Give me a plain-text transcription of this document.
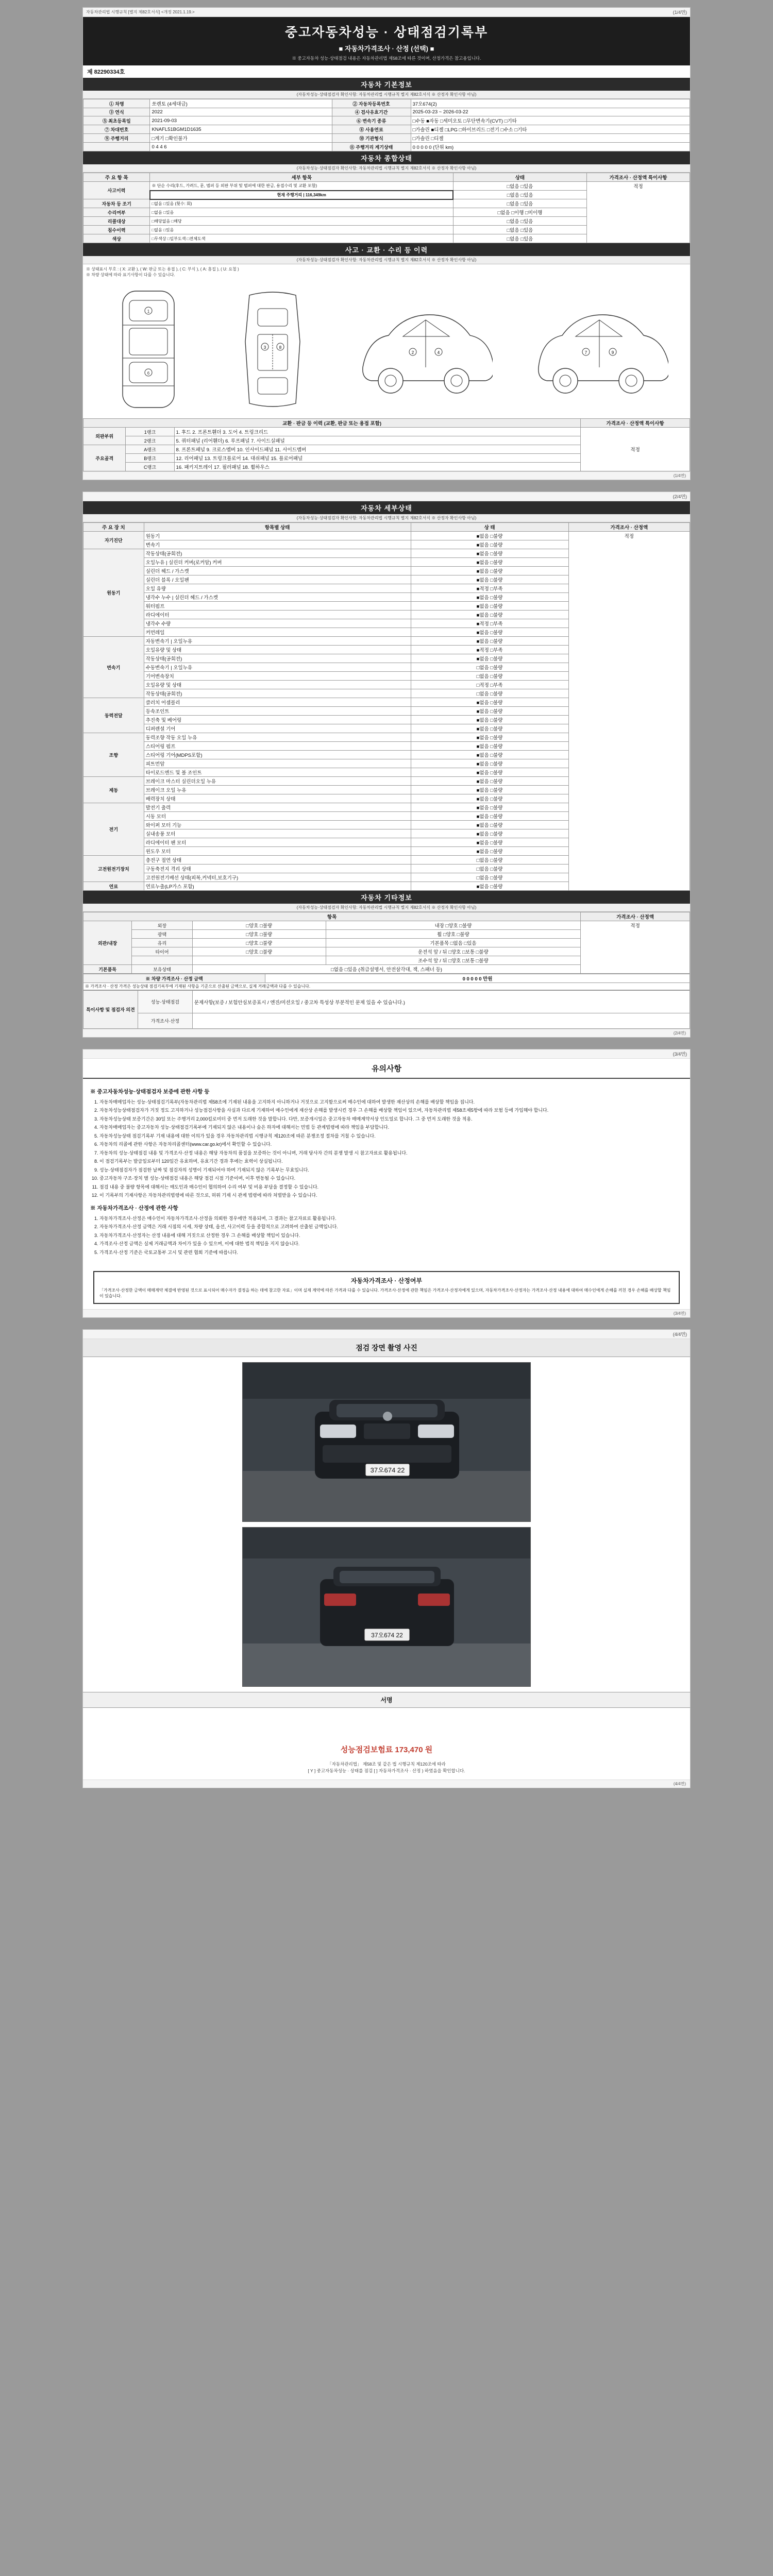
자동차관리법 시행규칙 [별지 제82호서식] <개정 2021.1.19.>	(1/4면)
중고자동차성능 · 상태점검기록부
■ 자동차가격조사 · 산정 (선택) ■
※ 중고자동차 성능·상태점검 내용은 자동차관리법 제58조에 따른 것이며, 산정가격은 참고용입니다.
제 82290334호
자동차 기본정보
(자동차성능·상태점검자 확인사항: 자동차관리법 시행규칙 별지 제82호서식 ※ 산정자 확인사항 아님)
① 차명	쏘렌토 (4세대급)	② 자동차등록번호	37오674(2)
③ 연식	2022	④ 검사유효기간	2025-03-23 ~ 2026-03-22
⑤ 최초등록일	2021-09-03	⑥ 변속기 종류	□수동 ■자동 □세미오토 □무단변속기(CVT) □기타
⑦ 차대번호	KNAFL51BGM1D1635	⑧ 사용연료	□가솔린 ■디젤 □LPG □하이브리드 □전기 □수소 □기타
⑨ 주행거리	□계기 □확인불가	⑩ 기관형식	□가솔린 □디젤
	0 4 4 6	⑪ 주행거리 계기상태	0 0 0 0 0 (단위 km)
자동차 종합상태
(자동차성능·상태점검자 확인사항: 자동차관리법 시행규칙 별지 제82호서식 ※ 산정자 확인사항 아님)
주 요 항 목	세부 항목	상태	가격조사 · 산정액 특이사항
사고이력	※ 단순 수리(후드, 가려드, 문, 범퍼 등 외판 부위 및 범퍼에 대한 판금, 용접수리 및 교환 포함)	□없음 □있음	적정
	현재 주행거리 | 116,349km	□없음 □있음	
자동차 등 조기	□없음 □있음 (횟수: 회)	□없음 □있음	
수리여부	□없음 □있음	□없음 □이행 □미이행	
리콜대상	□해당없음 □해당	□없음 □있음	
침수이력	□없음 □있음	□없음 □있음	
색상	□무색상 □일부도색 □전체도색	□없음 □있음	
사고 · 교환 · 수리 등 이력
(자동차성능·상태점검자 확인사항: 자동차관리법 시행규칙 별지 제82호서식 ※ 산정자 확인사항 아님)
※ 상태표시 부호 : ( X: 교환 ), ( W: 판금 또는 용접 ), ( C: 부식 ), ( A: 흠집 ), ( U: 요철 )
※ 차량 상태에 따라 표기사항이 다를 수 있습니다.
1
6
3	8
2	4	7	9
교환 · 판금 등 이력 (교환, 판금 또는 용접 포함)			가격조사 · 산정액 특이사항
외판부위	1랭크	1. 후드 2. 프론트휀더 3. 도어 4. 트렁크리드	적정
	2랭크	5. 쿼터패널 (리어휀더) 6. 루프패널 7. 사이드실패널	
주요골격	A랭크	8. 프론트패널 9. 크로스멤버 10. 인사이드패널 11. 사이드멤버	
	B랭크	12. 리어패널 13. 트렁크플로어 14. 대쉬패널 15. 플로어패널	
	C랭크	16. 패키지트레이 17. 필러패널 18. 휠하우스	
(1/4면)

(2/4면)
자동차 세부상태
(자동차성능·상태점검자 확인사항: 자동차관리법 시행규칙 별지 제82호서식 ※ 산정자 확인사항 아님)
주 요 장 치	항목별 상태	상 태	가격조사 · 산정액
자기진단	원동기	■없음 □불량	적정
	변속기	■없음 □불량	
원동기	작동상태(공회전)	■없음 □불량	
	오일누유 | 실린더 커버(로커암) 커버	■없음 □불량	
	실린더 헤드 / 가스켓	■없음 □불량	
	실린더 블록 / 오일팬	■없음 □불량	
	오일 유량	■적정 □부족	
	냉각수 누수 | 실린더 헤드 / 가스켓	■없음 □불량	
	워터펌프	■없음 □불량	
	라디에이터	■없음 □불량	
	냉각수 수량	■적정 □부족	
	커먼레일	■없음 □불량	
변속기	자동변속기 | 오일누유	■없음 □불량	
	오일유량 및 상태	■적정 □부족	
	작동상태(공회전)	■없음 □불량	
	수동변속기 | 오일누유	□없음 □불량	
	기어변속장치	□없음 □불량	
	오일유량 및 상태	□적정 □부족	
	작동상태(공회전)	□없음 □불량	
동력전달	클러치 어셈블리	■없음 □불량	
	등속조인트	■없음 □불량	
	추진축 및 베어링	■없음 □불량	
	디퍼렌셜 기어	■없음 □불량	
조향	동력조향 작동 오일 누유	■없음 □불량	
	스티어링 펌프	■없음 □불량	
	스티어링 기어(MDPS포함)	■없음 □불량	
	피트먼암	■없음 □불량	
	타이로드엔드 및 볼 조인트	■없음 □불량	
제동	브레이크 마스터 실린더오일 누유	■없음 □불량	
	브레이크 오일 누유	■없음 □불량	
	배력장치 상태	■없음 □불량	
전기	발전기 출력	■없음 □불량	
	시동 모터	■없음 □불량	
	와이퍼 모터 기능	■없음 □불량	
	실내송풍 모터	■없음 □불량	
	라디에이터 팬 모터	■없음 □불량	
	윈도우 모터	■없음 □불량	
고전원전기장치	충전구 절연 상태	□없음 □불량	
	구동축전지 격리 상태	□없음 □불량	
	고전원전기배선 상태(피복,커넥터,보호기구)	□없음 □불량	
연료	연료누출(LP가스 포함)	■없음 □불량	
자동차 기타정보
(자동차성능·상태점검자 확인사항: 자동차관리법 시행규칙 별지 제82호서식 ※ 산정자 확인사항 아님)
항목				가격조사 · 산정액
외관/내장	외장	□양호 □불량	내장 □양호 □불량	적정
	광택	□양호 □불량	휠 □양호 □불량	
	유리	□양호 □불량	기본품목 □없음 □있음	
	타이어	□양호 □불량	운전석 앞 / 뒤 □양호 □보통 □불량	
			조수석 앞 / 뒤 □양호 □보통 □불량	
기본품목	보유상태	□없음 □있음 (취급설명서, 안전삼각대, 잭, 스패너 등)		
※ 차량 가격조사 · 산정 금액	0 0 0 0 0 만원
※ 가격조사 · 산정 가격은 성능상태 점검기록부에 기재된 사항을 기준으로 산출된 금액으로, 실제 거래금액과 다를 수 있습니다.
특이사항 및 점검자 의견	성능·상태점검	문제사항(보증 / 보험안심보증표시 / 엔진/미션오일 / 중고차 특성상 부분적인 문제 있을 수 있습니다.)
	가격조사·산정	
(2/4면)

(3/4면)
유의사항
※ 중고자동차성능·상태점검자 보증에 관한 사항 등
1. 자동차매매업자는 성능·상태점검기록부(자동차관리법 제58조에 기재된 내용을 고지하지 아니하거나 거짓으로 고지함으로써 매수인에 대하여 발생한 재산상의 손해를 배상할 책임을 집니다.
2. 자동차성능상태점검자가 거짓 정도 고지하거나 성능점검사항을 사실과 다르게 기재하여 매수인에게 재산상 손해를 발생시킨 경우 그 손해를 배상할 책임이 있으며, 자동차관리법 제58조제5항에 따라 보험 등에 가입해야 합니다.
3. 자동차성능상태 보증기간은 30일 또는 주행거리 2,000킬로미터 중 먼저 도래한 것을 말합니다. 다만, 보증개시일은 중고자동차 매매계약서상 인도일로 합니다. 그 중 먼저 도래한 것을 적용.
4. 자동차매매업자는 중고자동차 성능·상태점검기록부에 기재되지 않은 내용이나 숨은 하자에 대해서는 민법 등 관계법령에 따라 책임을 부담합니다.
5. 자동차성능상태 점검기록부 기재 내용에 대한 이의가 있을 경우 자동차관리법 시행규칙 제120조에 따른 분쟁조정 절차를 거칠 수 있습니다.
6. 자동차의 리콜에 관한 사항은 자동차리콜센터(www.car.go.kr)에서 확인할 수 있습니다.
7. 자동차의 성능·상태점검 내용 및 가격조사·산정 내용은 해당 자동차의 품질을 보증하는 것이 아니며, 거래 당사자 간의 분쟁 발생 시 참고자료로 활용됩니다.
8. 이 점검기록부는 발급일로부터 120일간 유효하며, 유효기간 경과 후에는 효력이 상실됩니다.
9. 성능·상태점검자가 점검한 날짜 및 점검자의 성명이 기재되어야 하며 기재되지 않은 기록부는 무효입니다.
10. 중고자동차 구조·장치 별 성능·상태점검 내용은 해당 점검 시점 기준이며, 이후 변동될 수 있습니다.
11. 점검 내용 중 불량 항목에 대해서는 매도인과 매수인이 협의하여 수리 여부 및 비용 부담을 결정할 수 있습니다.
12. 이 기록부의 기재사항은 자동차관리법령에 따른 것으로, 허위 기재 시 관계 법령에 따라 처벌받을 수 있습니다.
※ 자동차가격조사 · 산정에 관한 사항
1. 자동차가격조사·산정은 매수인이 자동차가격조사·산정을 의뢰한 경우에만 적용되며, 그 결과는 참고자료로 활용됩니다.
2. 자동차가격조사·산정 금액은 거래 시점의 시세, 차량 상태, 옵션, 사고이력 등을 종합적으로 고려하여 산출된 금액입니다.
3. 자동차가격조사·산정자는 산정 내용에 대해 거짓으로 산정한 경우 그 손해를 배상할 책임이 있습니다.
4. 가격조사·산정 금액은 실제 거래금액과 차이가 있을 수 있으며, 이에 대한 법적 책임을 지지 않습니다.
5. 가격조사·산정 기준은 국토교통부 고시 및 관련 협회 기준에 따릅니다.
자동차가격조사 · 산정여부
「가격조사·산정한 금액이 매매계약 체결에 반영된 것으로 표시되어 매수자가 결정을 하는 데에 참고한 자료」이며 실제 계약에 따른 가격과 다를 수 있습니다. 가격조사·산정에 관한 책임은 가격조사·산정자에게 있으며, 자동차가격조사·산정자는 가격조사·산정 내용에 대하여 매수인에게 손해를 끼친 경우 손해를 배상할 책임이 있습니다.
(3/4면)

(4/4면)
점검 장면 촬영 사진
37오674 22
37오674 22
서명
성능점검보험료 173,470 원
「자동차관리법」 제58조 및 같은 법 시행규칙 제120조에 따라
[ Y ] 중고자동차성능 · 상태를 점검 [ ] 자동차가격조사 · 산정 ) 하였음을 확인합니다.
(4/4면)
